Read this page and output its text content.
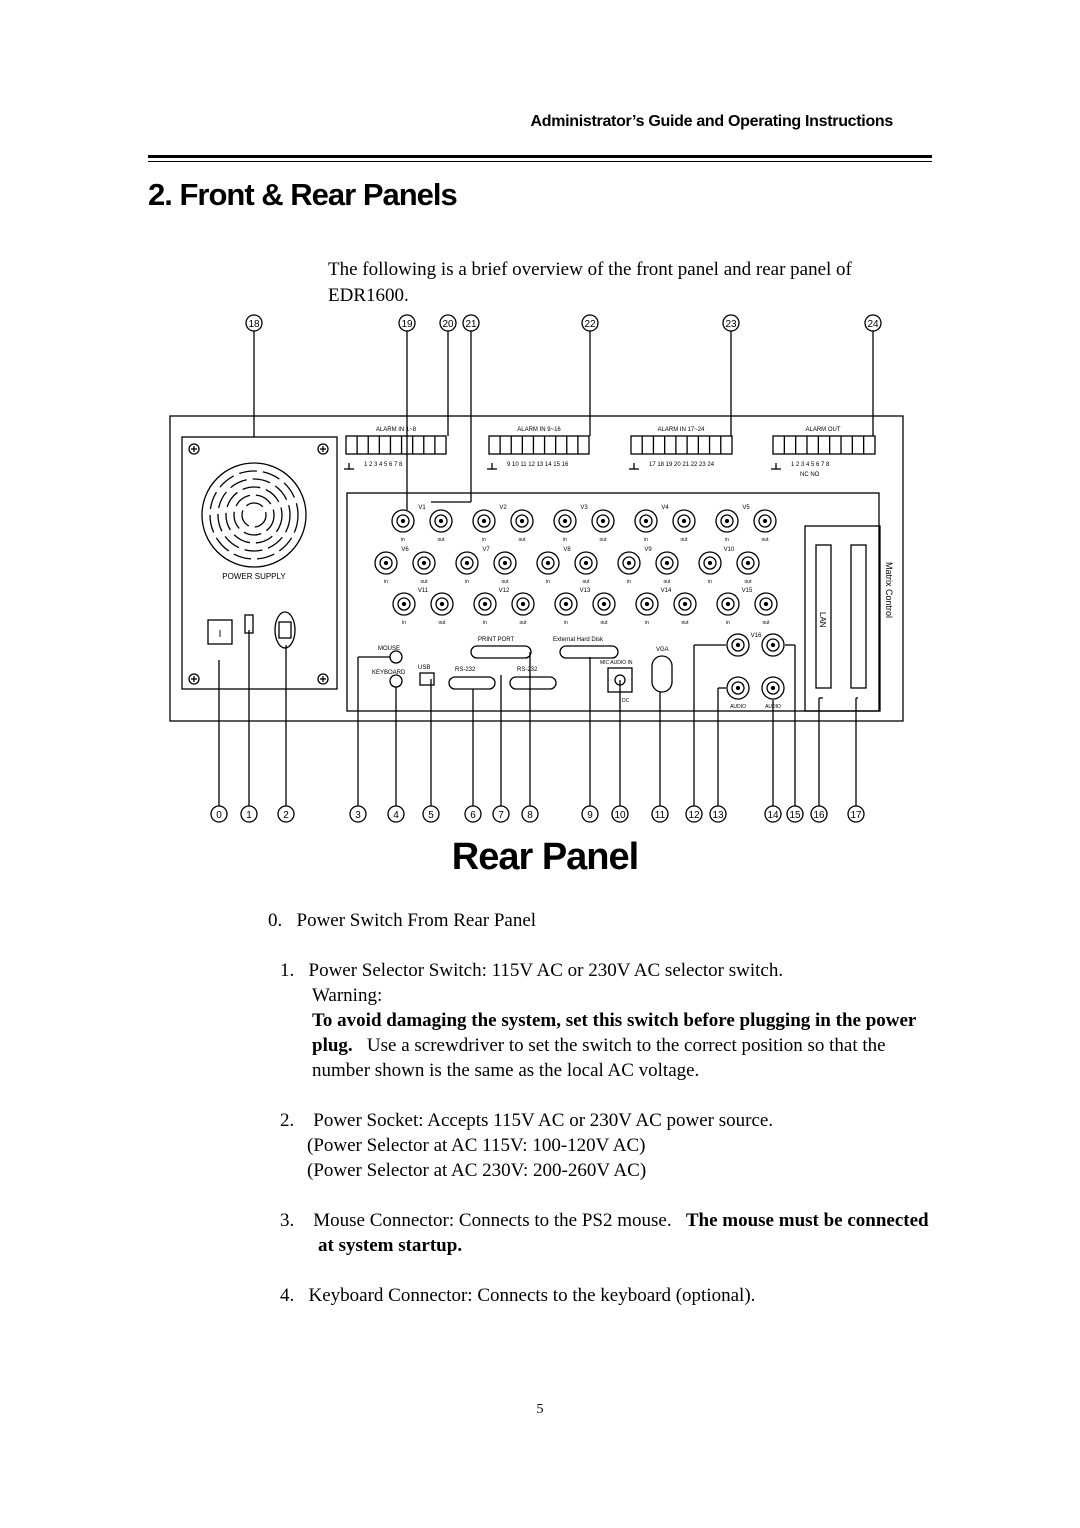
Administrator’s Guide and Operating Instructions
2. Front & Rear Panels
The following is a brief overview of the front panel and rear panel of EDR1600.
POWER SUPPLY
I
LAN
Matrix Control
ALARM IN 1~8
1 2 3 4 5 6 7 8
ALARM IN 9~16
9 10 11 12 13 14 15 16
ALARM IN 17~24
17 18 19 20 21 22 23 24
ALARM OUT
1 2 3 4 5 6 7 8
NC NO
V1
in	out
V2
in	out
V3
in	out
V4
in	out
V5
in	out
V6
in	out
V7
in	out
V8
in	out
V9
in	out
V10
in	out
V11
in	out
V12
in	out
V13
in	out
V14
in	out
V15
in	out
V16
AUDIO	AUDIO
MOUSE
KEYBOARD
USB	RS-232	RS-232
PRINT PORT	External Hard Disk
MIC AUDIO IN
DC
VGA
18	19	20 21	22	23	24
0 1	2	3	4	5	6 7 8	9 10	11 12 13	14 15 16	17
Rear Panel
0. Power Switch From Rear Panel
1. Power Selector Switch: 115V AC or 230V AC selector switch.
Warning:
To avoid damaging the system, set this switch before plugging in the power plug. Use a screwdriver to set the switch to the correct position so that the number shown is the same as the local AC voltage.
2. Power Socket: Accepts 115V AC or 230V AC power source.
(Power Selector at AC 115V: 100-120V AC)
(Power Selector at AC 230V: 200-260V AC)
3. Mouse Connector: Connects to the PS2 mouse. The mouse must be connected at system startup.
4. Keyboard Connector: Connects to the keyboard (optional).
5
